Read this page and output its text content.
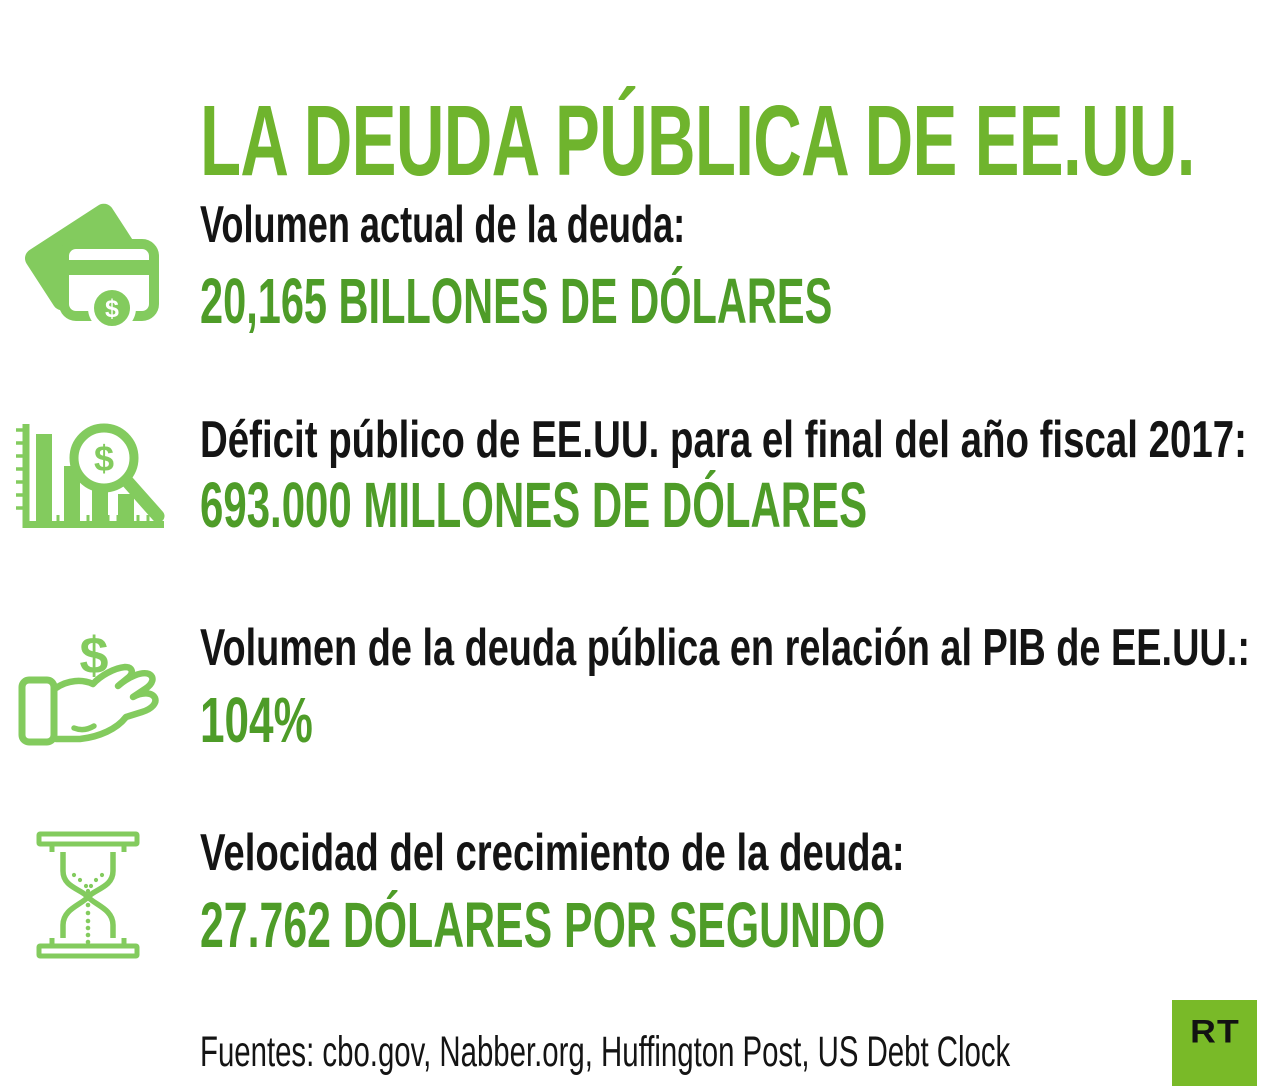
LA DEUDA PÚBLICA DE EE.UU.
$
Volumen actual de la deuda:
20,165 BILLONES DE DÓLARES
$ Déficit público de EE.UU. para el final del año fiscal 2017:
693.000 MILLONES DE DÓLARES
$ Volumen de la deuda pública en relación al PIB de EE.UU.:
104%
Velocidad del crecimiento de la deuda:
27.762 DÓLARES POR SEGUNDO
Fuentes: cbo.gov, Nabber.org, Huffington Post, US Debt Clock	RT
